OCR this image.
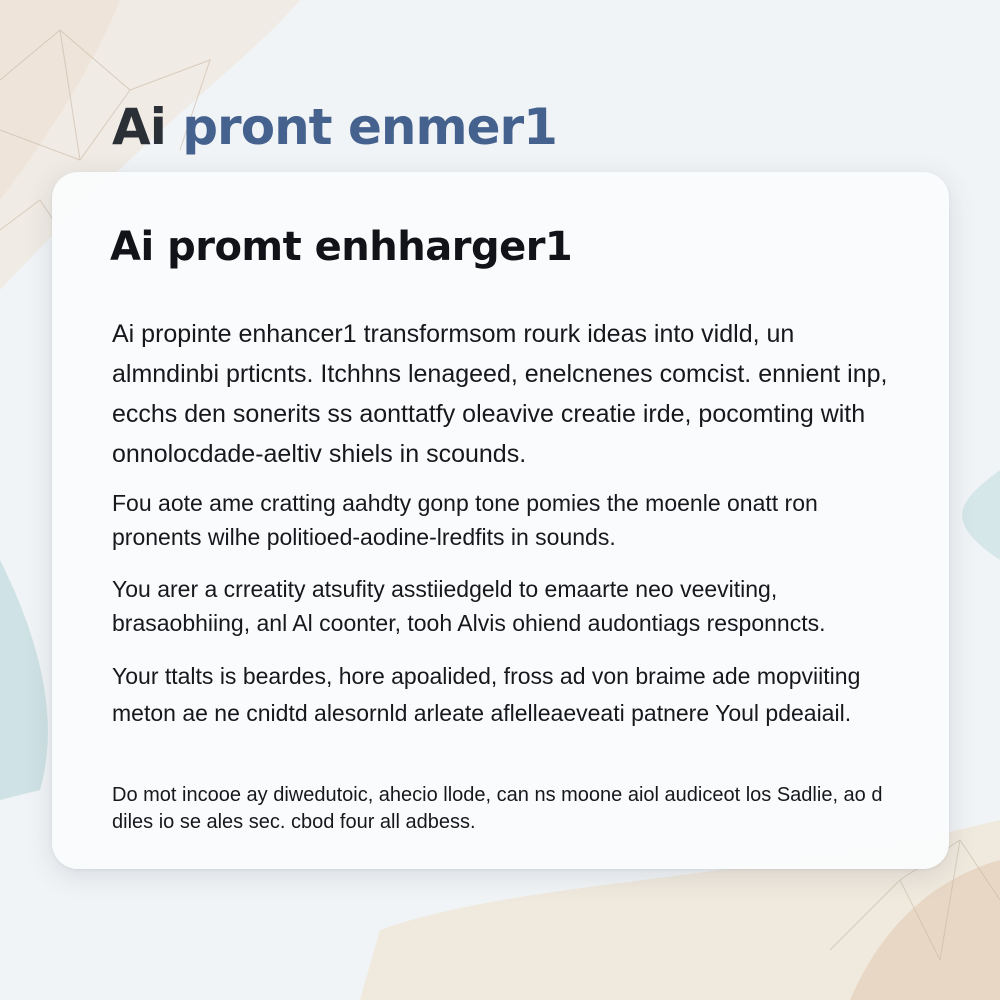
Ai pront enmer1
Ai promt enhharger1

Ai propinte enhancer1 transformsom rourk ideas into vidld, un almndinbi prticnts. Itchhns lenageed, enelcnenes comcist. ennient inp, ecchs den sonerits ss aonttatfy oleavive creatie irde, pocomting with onnolocdade-aeltiv shiels in scounds.

Fou aote ame cratting aahdty gonp tone pomies the moenle onatt ron pronents wilhe politioed-aodine-lredfits in sounds.

You arer a crreatity atsufity asstiiedgeld to emaarte neo veeviting, brasaobhiing, anl Al coonter, tooh Alvis ohiend audontiags responncts.

Your ttalts is beardes, hore apoalided, fross ad von braime ade mopviiting meton ae ne cnidtd alesornld arleate aflelleaeveati patnere Youl pdeaiail.

Do mot incooe ay diwedutoic, ahecio llode, can ns moone aiol audiceot los Sadlie, ao d diles io se ales sec. cbod four all adbess.
